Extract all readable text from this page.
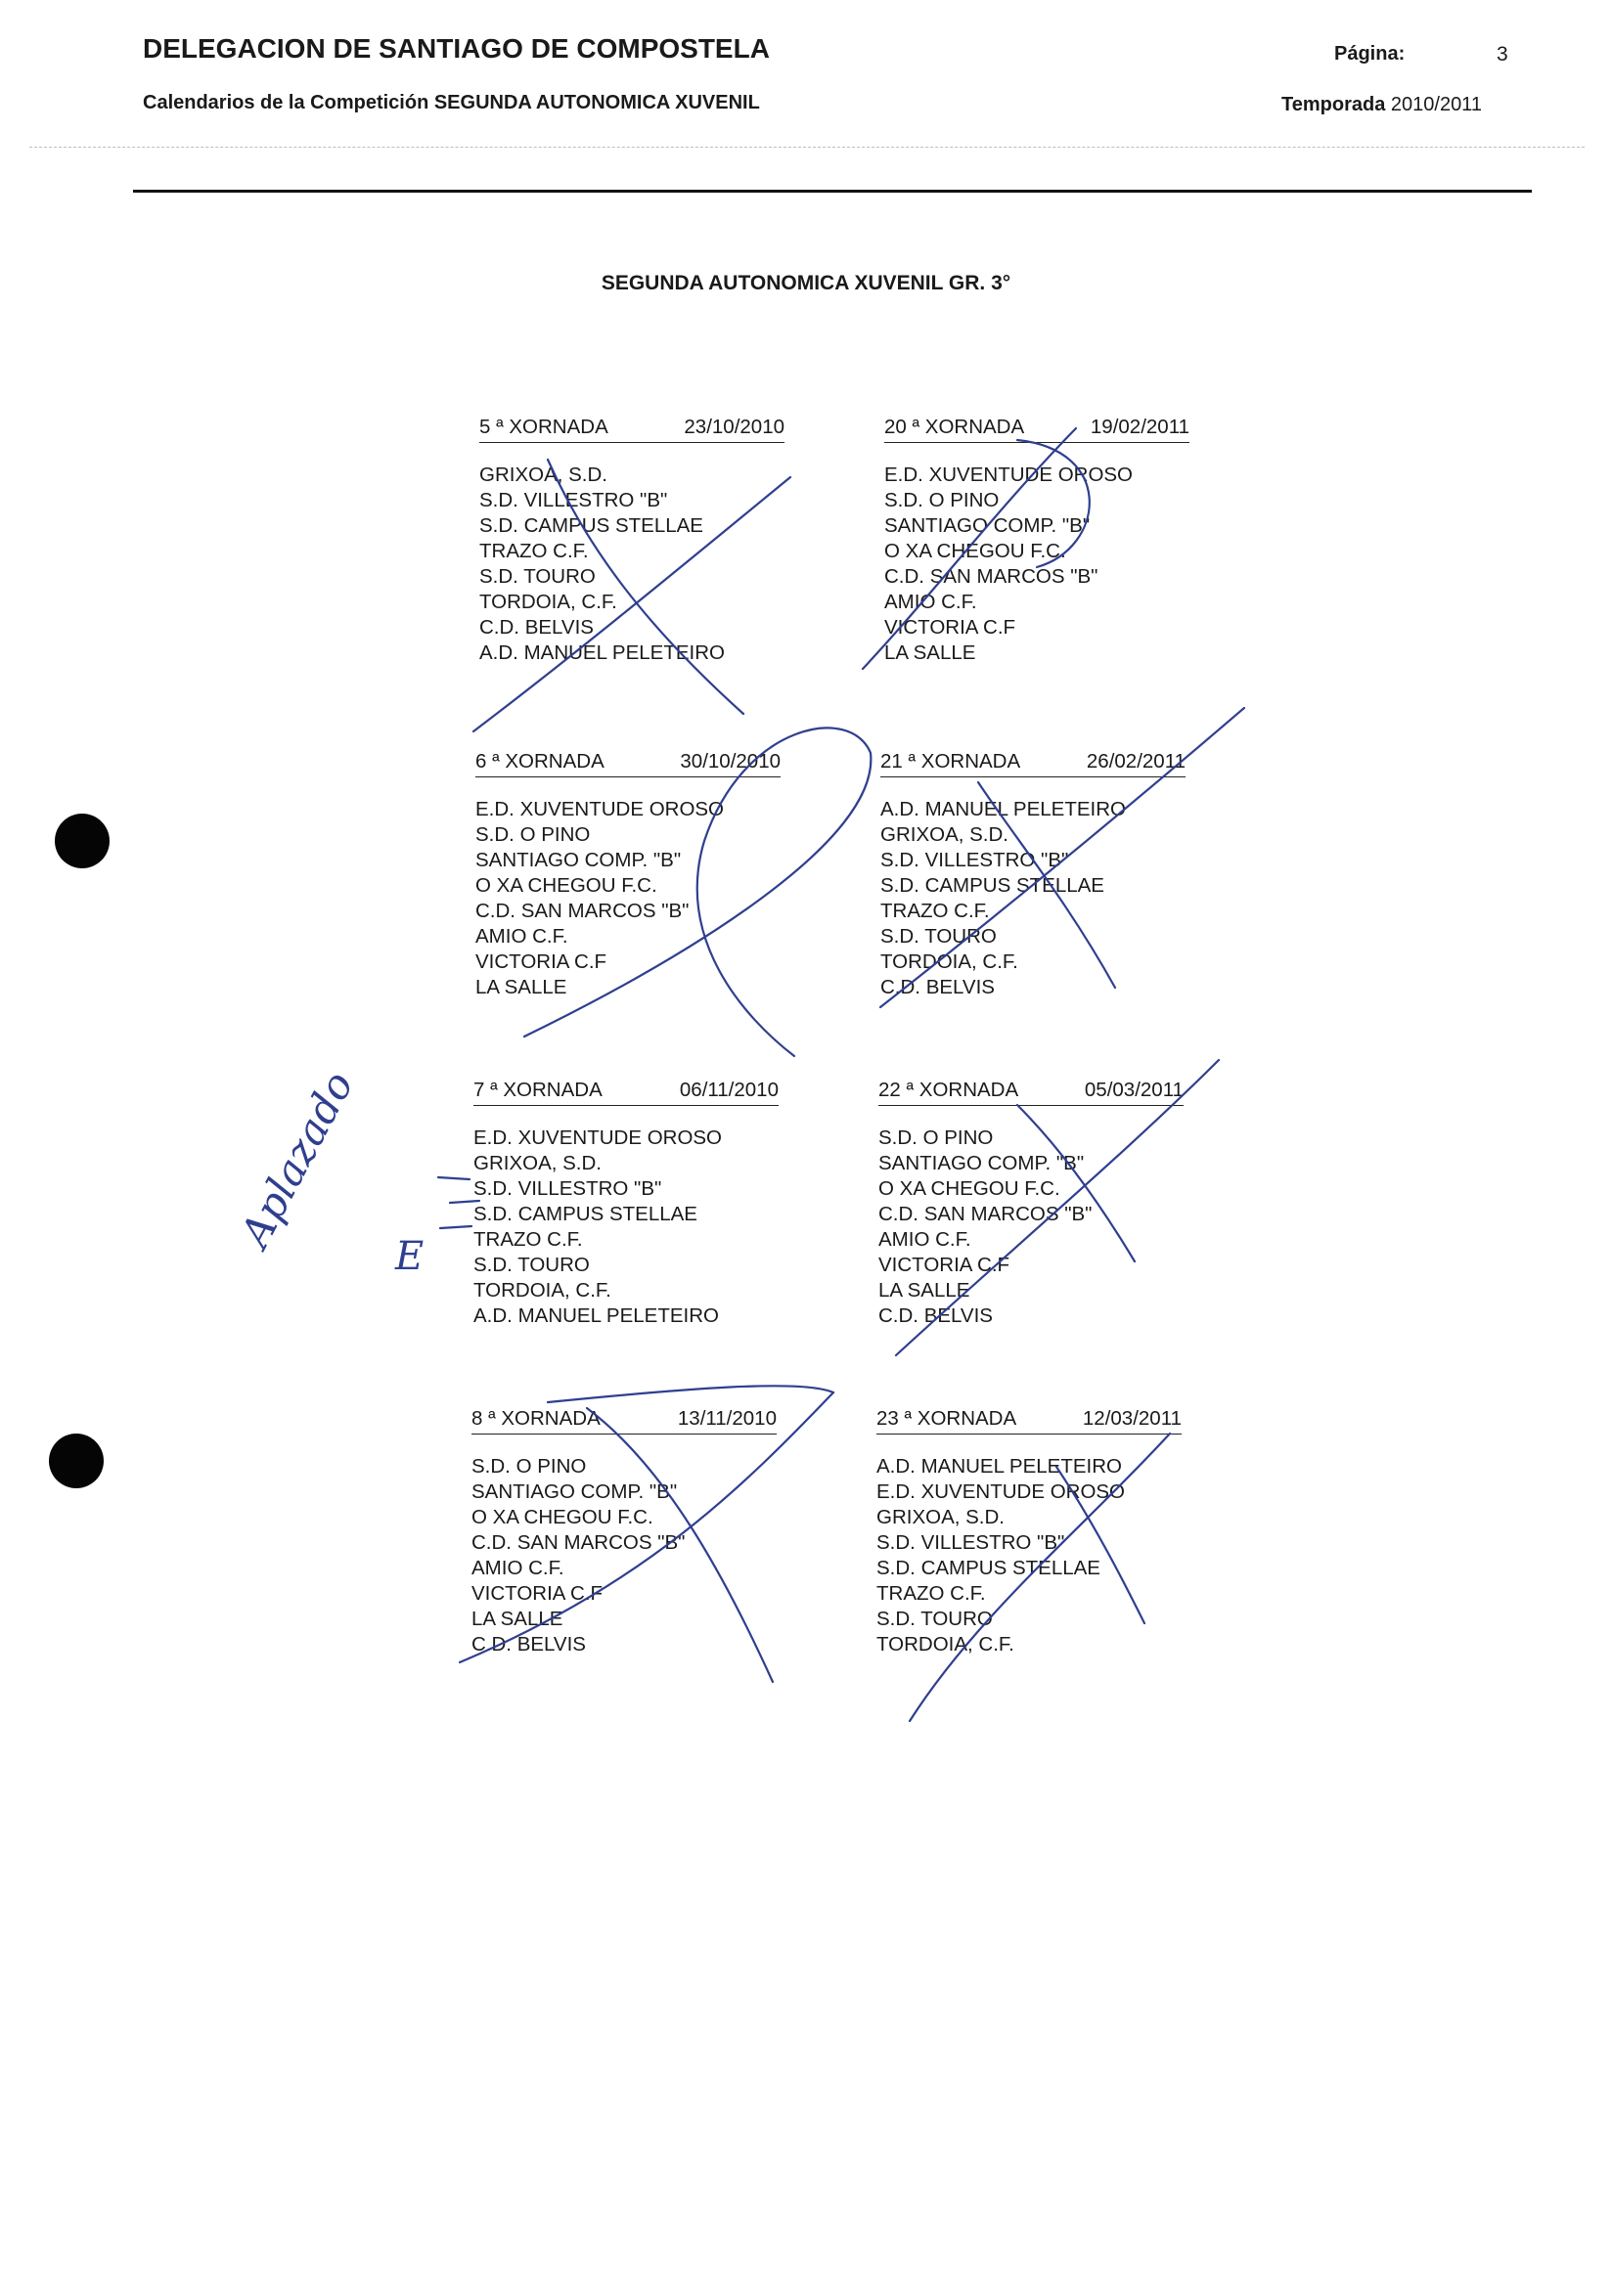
DELEGACION DE SANTIAGO DE COMPOSTELA
Calendarios de la Competición SEGUNDA AUTONOMICA XUVENIL
Página:	3
Temporada 2010/2011
SEGUNDA AUTONOMICA XUVENIL GR. 3°
5 ª XORNADA	23/10/2010
GRIXOA, S.D.
S.D. VILLESTRO "B"
S.D. CAMPUS STELLAE
TRAZO C.F.
S.D. TOURO
TORDOIA, C.F.
C.D. BELVIS
A.D. MANUEL PELETEIRO
20 ª XORNADA	19/02/2011
E.D. XUVENTUDE OROSO
S.D. O PINO
SANTIAGO COMP. "B"
O XA CHEGOU F.C.
C.D. SAN MARCOS "B"
AMIO C.F.
VICTORIA C.F
LA SALLE
6 ª XORNADA	30/10/2010
E.D. XUVENTUDE OROSO
S.D. O PINO
SANTIAGO COMP. "B"
O XA CHEGOU F.C.
C.D. SAN MARCOS "B"
AMIO C.F.
VICTORIA C.F
LA SALLE
21 ª XORNADA	26/02/2011
A.D. MANUEL PELETEIRO
GRIXOA, S.D.
S.D. VILLESTRO "B"
S.D. CAMPUS STELLAE
TRAZO C.F.
S.D. TOURO
TORDOIA, C.F.
C.D. BELVIS
7 ª XORNADA	06/11/2010
E.D. XUVENTUDE OROSO
GRIXOA, S.D.
S.D. VILLESTRO "B"
S.D. CAMPUS STELLAE
TRAZO C.F.
S.D. TOURO
TORDOIA, C.F.
A.D. MANUEL PELETEIRO
22 ª XORNADA	05/03/2011
S.D. O PINO
SANTIAGO COMP. "B"
O XA CHEGOU F.C.
C.D. SAN MARCOS "B"
AMIO C.F.
VICTORIA C.F
LA SALLE
C.D. BELVIS
8 ª XORNADA	13/11/2010
S.D. O PINO
SANTIAGO COMP. "B"
O XA CHEGOU F.C.
C.D. SAN MARCOS "B"
AMIO C.F.
VICTORIA C.F
LA SALLE
C.D. BELVIS
23 ª XORNADA	12/03/2011
A.D. MANUEL PELETEIRO
E.D. XUVENTUDE OROSO
GRIXOA, S.D.
S.D. VILLESTRO "B"
S.D. CAMPUS STELLAE
TRAZO C.F.
S.D. TOURO
TORDOIA, C.F.
Aplazado
E
